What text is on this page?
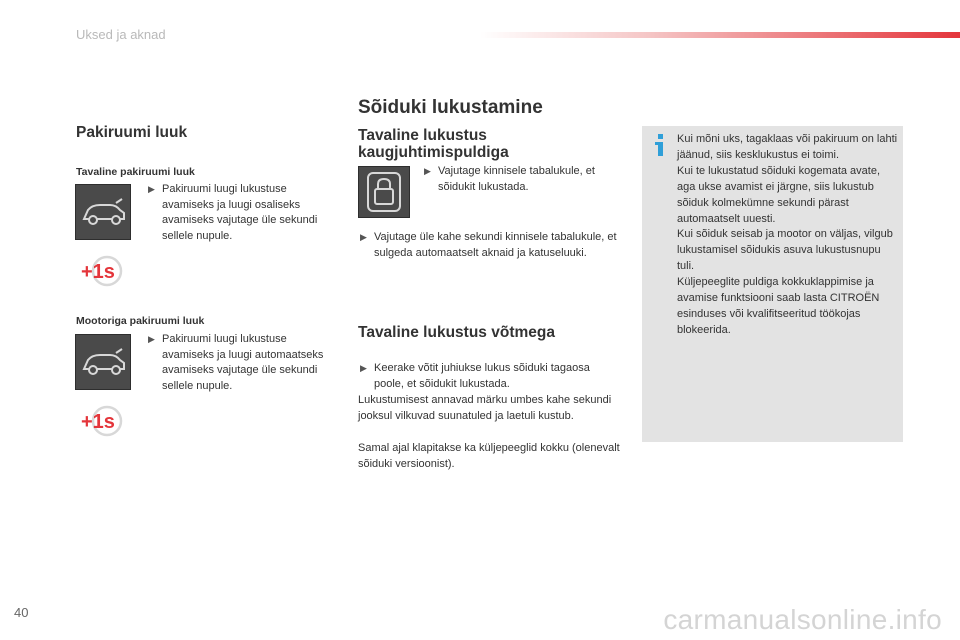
Uksed ja aknad
Pakiruumi luuk
Tavaline pakiruumi luuk
▶ Pakiruumi luugi lukustuse avamiseks ja luugi osaliseks avamiseks vajutage üle sekundi sellele nupule.
+1s
Mootoriga pakiruumi luuk
▶ Pakiruumi luugi lukustuse avamiseks ja luugi automaatseks avamiseks vajutage üle sekundi sellele nupule.
+1s
Sõiduki lukustamine
Tavaline lukustus
kaugjuhtimispuldiga
▶ Vajutage kinnisele tabalukule, et sõidukit lukustada.
▶ Vajutage üle kahe sekundi kinnisele tabalukule, et sulgeda automaatselt aknaid ja katuseluuki.
Tavaline lukustus võtmega
▶ Keerake võtit juhiukse lukus sõiduki tagaosa poole, et sõidukit lukustada.
Lukustumisest annavad märku umbes kahe sekundi jooksul vilkuvad suunatuled ja laetuli kustub.
Samal ajal klapitakse ka küljepeeglid kokku (olenevalt sõiduki versioonist).
Kui mõni uks, tagaklaas või pakiruum on lahti jäänud, siis kesklukustus ei toimi.
Kui te lukustatud sõiduki kogemata avate, aga ukse avamist ei järgne, siis lukustub sõiduk kolmekümne sekundi pärast automaatselt uuesti.
Kui sõiduk seisab ja mootor on väljas, vilgub lukustamisel sõidukis asuva lukustusnupu tuli.
Küljepeeglite puldiga kokkuklappimise ja avamise funktsiooni saab lasta CITROËN esinduses või kvalifitseeritud töökojas blokeerida.
40	carmanualsonline.info
